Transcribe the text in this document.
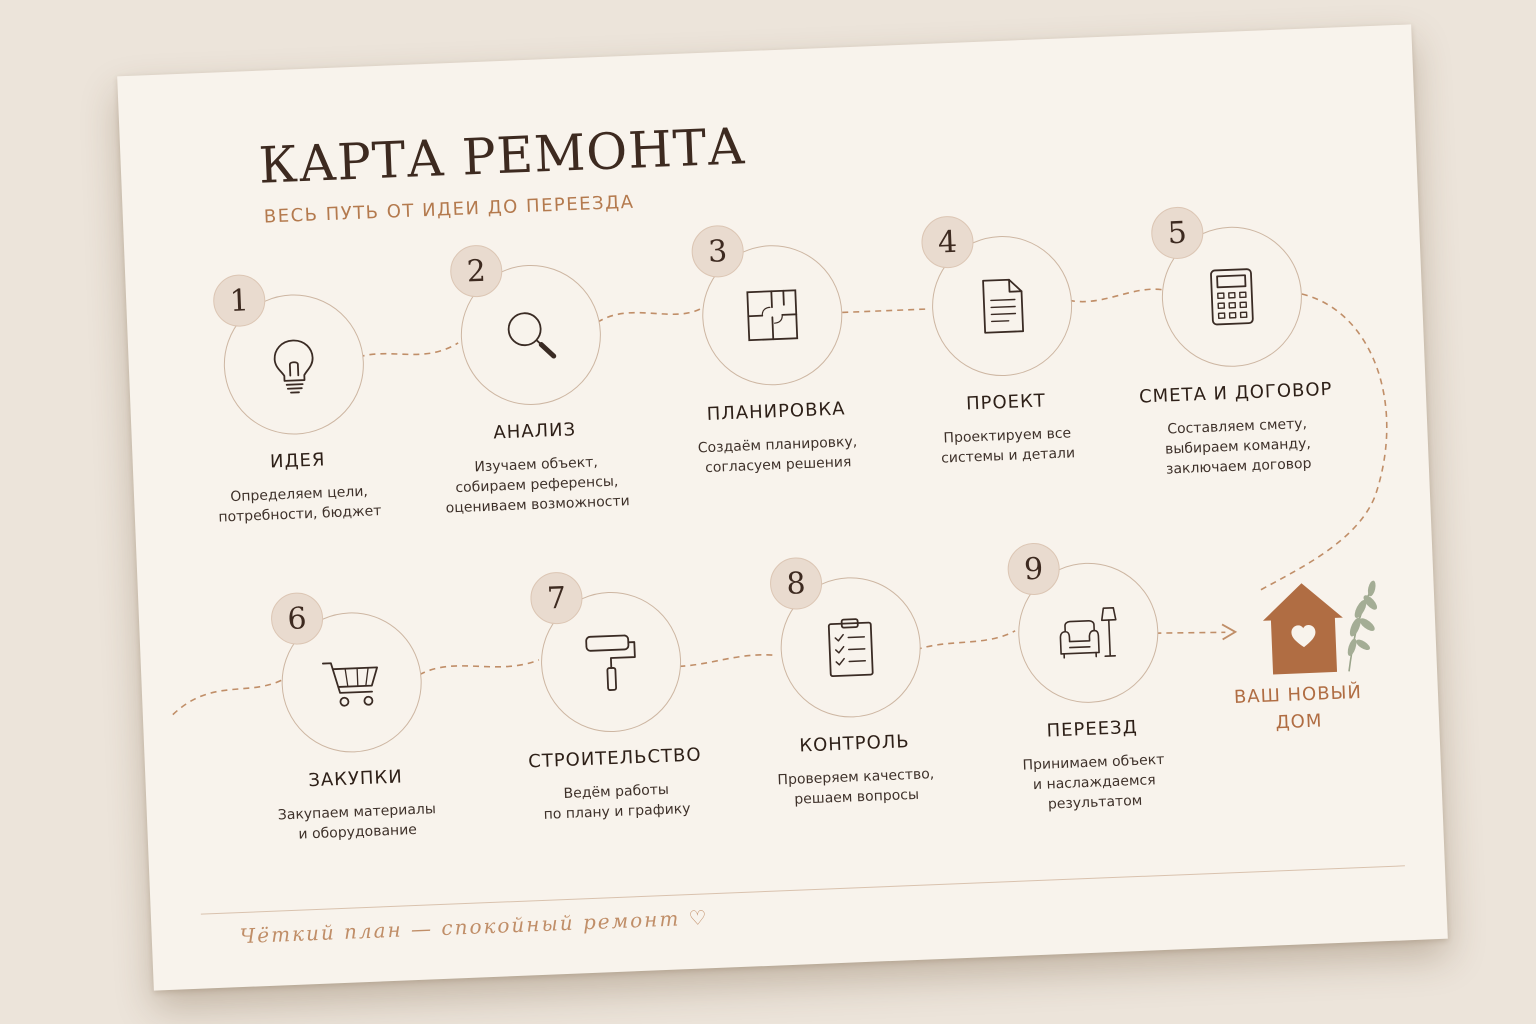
КАРТА РЕМОНТА
ВЕСЬ ПУТЬ ОТ ИДЕИ ДО ПЕРЕЕЗДА
1
ИДЕЯ
Определяем цели,
потребности, бюджет
2
АНАЛИЗ
Изучаем объект,
собираем референсы,
оцениваем возможности
3
ПЛАНИРОВКА
Создаём планировку,
согласуем решения
4
ПРОЕКТ
Проектируем все
системы и детали
5
СМЕТА И ДОГОВОР
Составляем смету,
выбираем команду,
заключаем договор
6
ЗАКУПКИ
Закупаем материалы
и оборудование
7
СТРОИТЕЛЬСТВО
Ведём работы
по плану и графику
8
КОНТРОЛЬ
Проверяем качество,
решаем вопросы
9
ПЕРЕЕЗД
Принимаем объект
и наслаждаемся
результатом
ВАШ НОВЫЙ
ДОМ
Чёткий план — спокойный ремонт ♡
